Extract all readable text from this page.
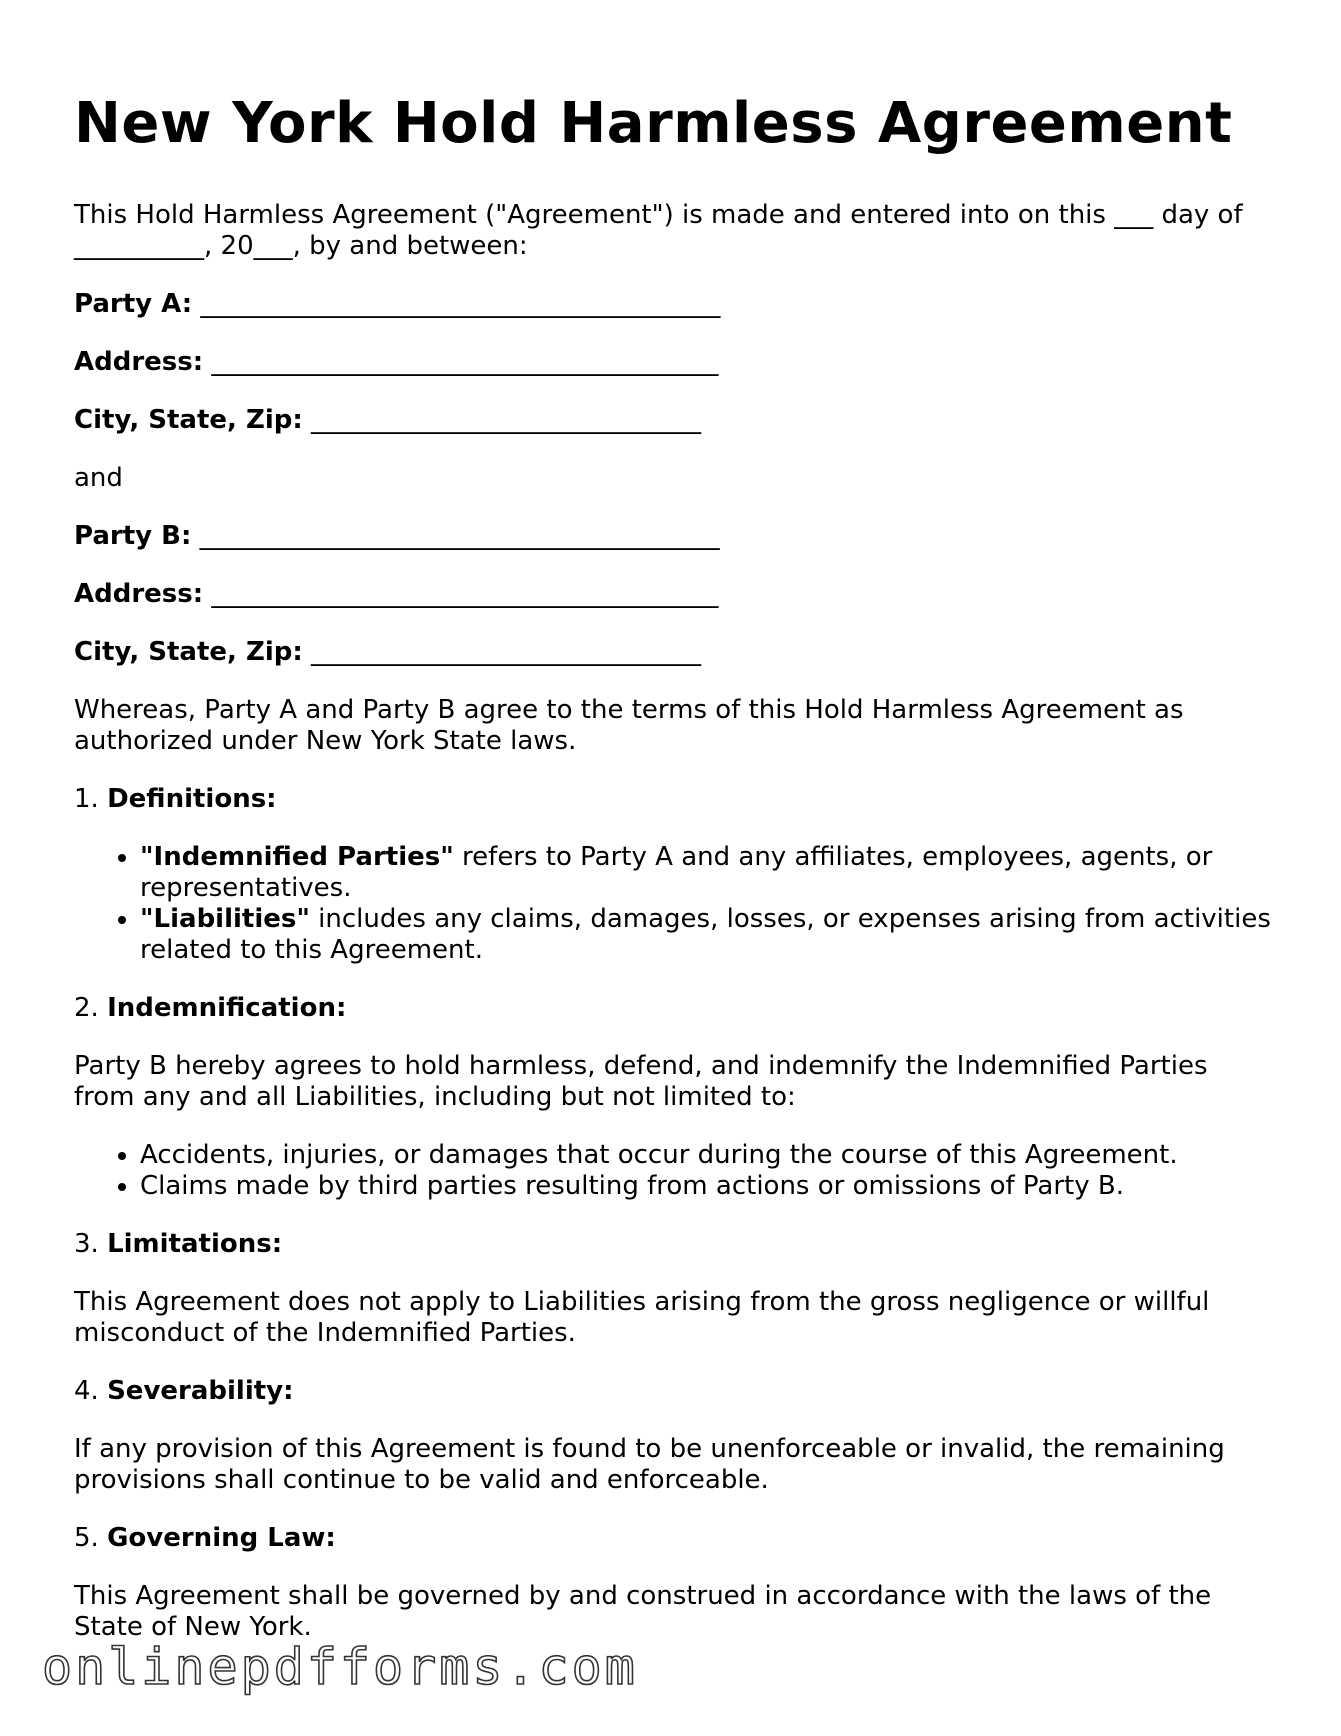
New York Hold Harmless Agreement

This Hold Harmless Agreement ("Agreement") is made and entered into on this ___ day of __________, 20___, by and between:

Party A: ________________________________________
Address: _______________________________________
City, State, Zip: ______________________________

and

Party B: ________________________________________
Address: _______________________________________
City, State, Zip: ______________________________

Whereas, Party A and Party B agree to the terms of this Hold Harmless Agreement as authorized under New York State laws.

1. Definitions:
• "Indemnified Parties" refers to Party A and any affiliates, employees, agents, or representatives.
• "Liabilities" includes any claims, damages, losses, or expenses arising from activities related to this Agreement.
2. Indemnification:

Party B hereby agrees to hold harmless, defend, and indemnify the Indemnified Parties from any and all Liabilities, including but not limited to:

• Accidents, injuries, or damages that occur during the course of this Agreement.
• Claims made by third parties resulting from actions or omissions of Party B.
3. Limitations:

This Agreement does not apply to Liabilities arising from the gross negligence or willful misconduct of the Indemnified Parties.

4. Severability:

If any provision of this Agreement is found to be unenforceable or invalid, the remaining provisions shall continue to be valid and enforceable.

5. Governing Law:

This Agreement shall be governed by and construed in accordance with the laws of the State of New York.

onlinepdfforms.com
